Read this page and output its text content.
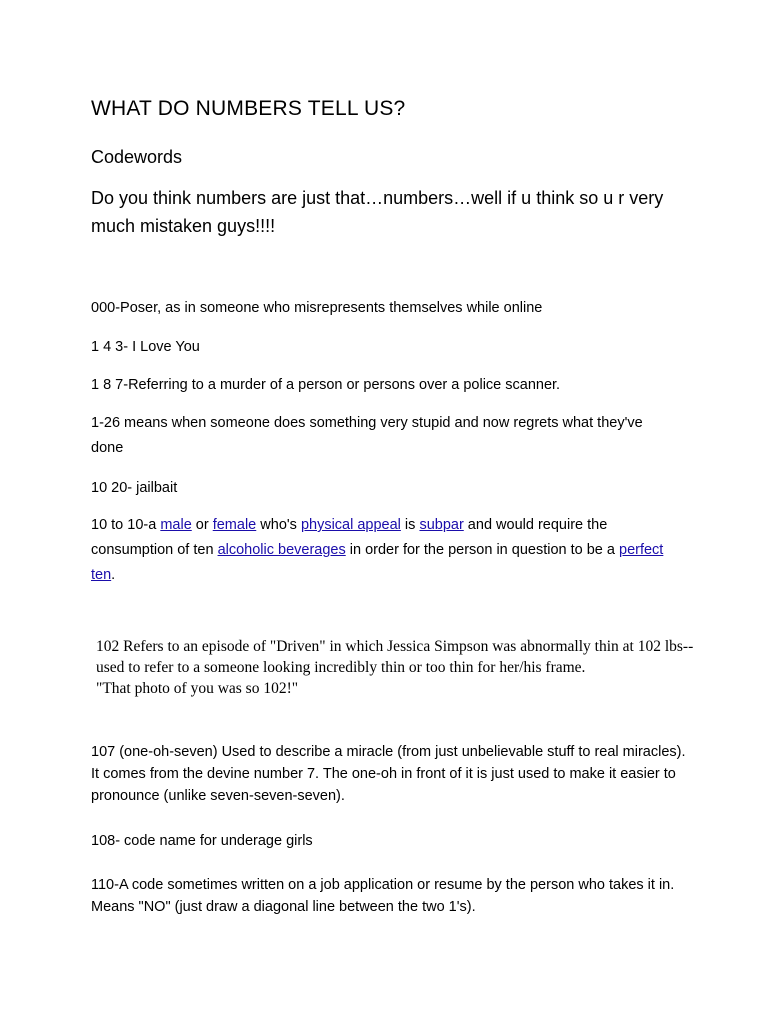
WHAT DO NUMBERS TELL US?

Codewords

Do you think numbers are just that…numbers…well if u think so u r very much mistaken guys!!!!

000-Poser, as in someone who misrepresents themselves while online

1 4 3- I Love You

1 8 7-Referring to a murder of a person or persons over a police scanner.

1-26 means when someone does something very stupid and now regrets what they've done

10 20- jailbait

10 to 10-a male or female who's physical appeal is subpar and would require the consumption of ten alcoholic beverages in order for the person in question to be a perfect ten.

102 Refers to an episode of "Driven" in which Jessica Simpson was abnormally thin at 102 lbs--used to refer to a someone looking incredibly thin or too thin for her/his frame.
"That photo of you was so 102!"

107 (one-oh-seven) Used to describe a miracle (from just unbelievable stuff to real miracles). It comes from the devine number 7. The one-oh in front of it is just used to make it easier to pronounce (unlike seven-seven-seven).

108- code name for underage girls

110-A code sometimes written on a job application or resume by the person who takes it in. Means "NO" (just draw a diagonal line between the two 1's).
